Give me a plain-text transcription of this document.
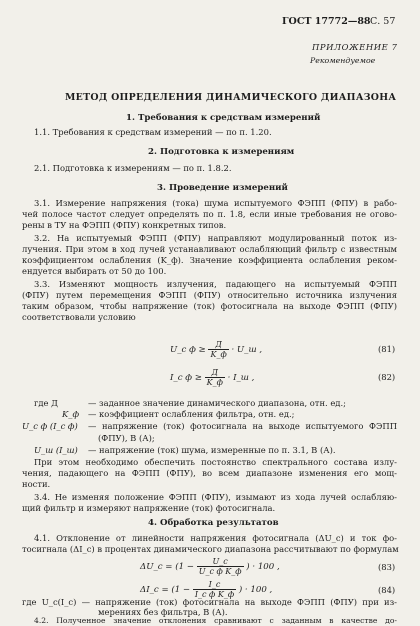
ГОСТ 17772—88 С. 57
ПРИЛОЖЕНИЕ 7
Рекомендуемое
МЕТОД ОПРЕДЕЛЕНИЯ ДИНАМИЧЕСКОГО ДИАПАЗОНА
1. Требования к средствам измерений
1.1. Требования к средствам измерений — по п. 1.20.
2. Подготовка к измерениям
2.1. Подготовка к измерениям — по п. 1.8.2.
3. Проведение измерений
3.1. Измерение напряжения (тока) шума испытуемого ФЭПП (ФПУ) в рабо-
чей полосе частот следует определять по п. 1.8, если иные требования не огово-
рены в ТУ на ФЭПП (ФПУ) конкретных типов.
3.2. На испытуемый ФЭПП (ФПУ) направляют модулированный поток из-
лучения. При этом в ход лучей устанавливают ослабляющий фильтр с известным
коэффициентом ослабления (K_ф). Значение коэффициента ослабления реком-
ендуется выбирать от 50 до 100.
3.3. Изменяют мощность излучения, падающего на испытуемый ФЭПП
(ФПУ) путем перемещения ФЭПП (ФПУ) относительно источника излучения
таким образом, чтобы напряжение (ток) фотосигнала на выходе ФЭПП (ФПУ)
соответствовали условию
U_с $ф \ge \frac{Д}{K\_ф}$ · U_ш ,	(81)
I_с $ф \ge \frac{Д}{K\_ф}$ · I_ш ,	(82)
где Д	— заданное значение динамического диапазона, отн. ед.;
K_ф — коэффициент ослабления фильтра, отн. ед.;
U_с ф (I_с ф) — напряжение (ток) фотосигнала на выходе испытуемого ФЭПП
(ФПУ), В (А);
U_ш (I_ш) — напряжение (ток) шума, измеренные по п. 3.1, В (А).
При этом необходимо обеспечить постоянство спектрального состава излу-
чения, падающего на ФЭПП (ФПУ), во всем диапазоне изменения его мощ-
ности.
3.4. Не изменяя положение ФЭПП (ФПУ), изымают из хода лучей ослабляю-
щий фильтр и измеряют напряжение (ток) фотосигнала.
4. Обработка результатов
4.1. Отклонение от линейности напряжения фотосигнала (ΔU_с) и ток фо-
тосигнала (ΔI_с) в процентах динамического диапазона рассчитывают по формулам
ΔU_с = ($1 - \frac{U\_с}{\text{U\_с ф K\_ф}}$ ) · 100 ,	(83)
ΔI_с = ($1 - \frac{I\_с}{\text{I\_с ф K\_ф}}$ ) · 100 ,	(84)
где U_с(I_с) — напряжение (ток) фотосигнала на выходе ФЭПП (ФПУ) при из-
мерениях без фильтра, В (А).
4.2. Полученное значение отклонения сравнивают с заданным в качестве до-
